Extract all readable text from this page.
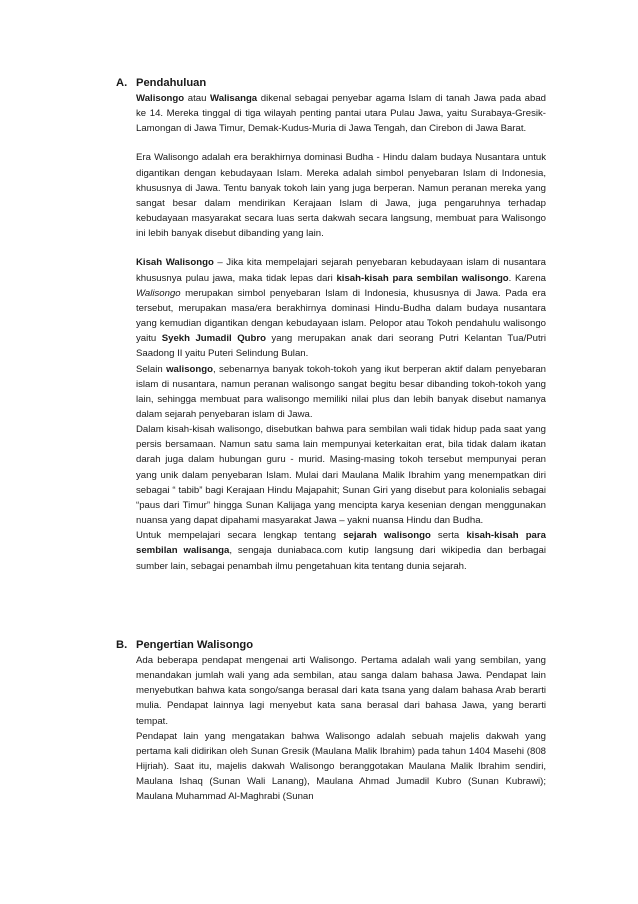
A. Pendahuluan

Walisongo atau Walisanga dikenal sebagai penyebar agama Islam di tanah Jawa pada abad ke 14. Mereka tinggal di tiga wilayah penting pantai utara Pulau Jawa, yaitu Surabaya-Gresik-Lamongan di Jawa Timur, Demak-Kudus-Muria di Jawa Tengah, dan Cirebon di Jawa Barat.

Era Walisongo adalah era berakhirnya dominasi Budha - Hindu dalam budaya Nusantara untuk digantikan dengan kebudayaan Islam. Mereka adalah simbol penyebaran Islam di Indonesia, khususnya di Jawa. Tentu banyak tokoh lain yang juga berperan. Namun peranan mereka yang sangat besar dalam mendirikan Kerajaan Islam di Jawa, juga pengaruhnya terhadap kebudayaan masyarakat secara luas serta dakwah secara langsung, membuat para Walisongo ini lebih banyak disebut dibanding yang lain.

Kisah Walisongo – Jika kita mempelajari sejarah penyebaran kebudayaan islam di nusantara khususnya pulau jawa, maka tidak lepas dari kisah-kisah para sembilan walisongo. Karena Walisongo merupakan simbol penyebaran Islam di Indonesia, khususnya di Jawa. Pada era tersebut, merupakan masa/era berakhirnya dominasi Hindu-Budha dalam budaya nusantara yang kemudian digantikan dengan kebudayaan islam. Pelopor atau Tokoh pendahulu walisongo yaitu Syekh Jumadil Qubro yang merupakan anak dari seorang Putri Kelantan Tua/Putri Saadong II yaitu Puteri Selindung Bulan.

Selain walisongo, sebenarnya banyak tokoh-tokoh yang ikut berperan aktif dalam penyebaran islam di nusantara, namun peranan walisongo sangat begitu besar dibanding tokoh-tokoh yang lain, sehingga membuat para walisongo memiliki nilai plus dan lebih banyak disebut namanya dalam sejarah penyebaran islam di Jawa.

Dalam kisah-kisah walisongo, disebutkan bahwa para sembilan wali tidak hidup pada saat yang persis bersamaan. Namun satu sama lain mempunyai keterkaitan erat, bila tidak dalam ikatan darah juga dalam hubungan guru - murid. Masing-masing tokoh tersebut mempunyai peran yang unik dalam penyebaran Islam. Mulai dari Maulana Malik Ibrahim yang menempatkan diri sebagai “ tabib” bagi Kerajaan Hindu Majapahit; Sunan Giri yang disebut para kolonialis sebagai “paus dari Timur” hingga Sunan Kalijaga yang mencipta karya kesenian dengan menggunakan nuansa yang dapat dipahami masyarakat Jawa – yakni nuansa Hindu dan Budha.

Untuk mempelajari secara lengkap tentang sejarah walisongo serta kisah-kisah para sembilan walisanga, sengaja duniabaca.com kutip langsung dari wikipedia dan berbagai sumber lain, sebagai penambah ilmu pengetahuan kita tentang dunia sejarah.

B. Pengertian Walisongo

Ada beberapa pendapat mengenai arti Walisongo. Pertama adalah wali yang sembilan, yang menandakan jumlah wali yang ada sembilan, atau sanga dalam bahasa Jawa. Pendapat lain menyebutkan bahwa kata songo/sanga berasal dari kata tsana yang dalam bahasa Arab berarti mulia. Pendapat lainnya lagi menyebut kata sana berasal dari bahasa Jawa, yang berarti tempat.

Pendapat lain yang mengatakan bahwa Walisongo adalah sebuah majelis dakwah yang pertama kali didirikan oleh Sunan Gresik (Maulana Malik Ibrahim) pada tahun 1404 Masehi (808 Hijriah). Saat itu, majelis dakwah Walisongo beranggotakan Maulana Malik Ibrahim sendiri, Maulana Ishaq (Sunan Wali Lanang), Maulana Ahmad Jumadil Kubro (Sunan Kubrawi); Maulana Muhammad Al-Maghrabi (Sunan
